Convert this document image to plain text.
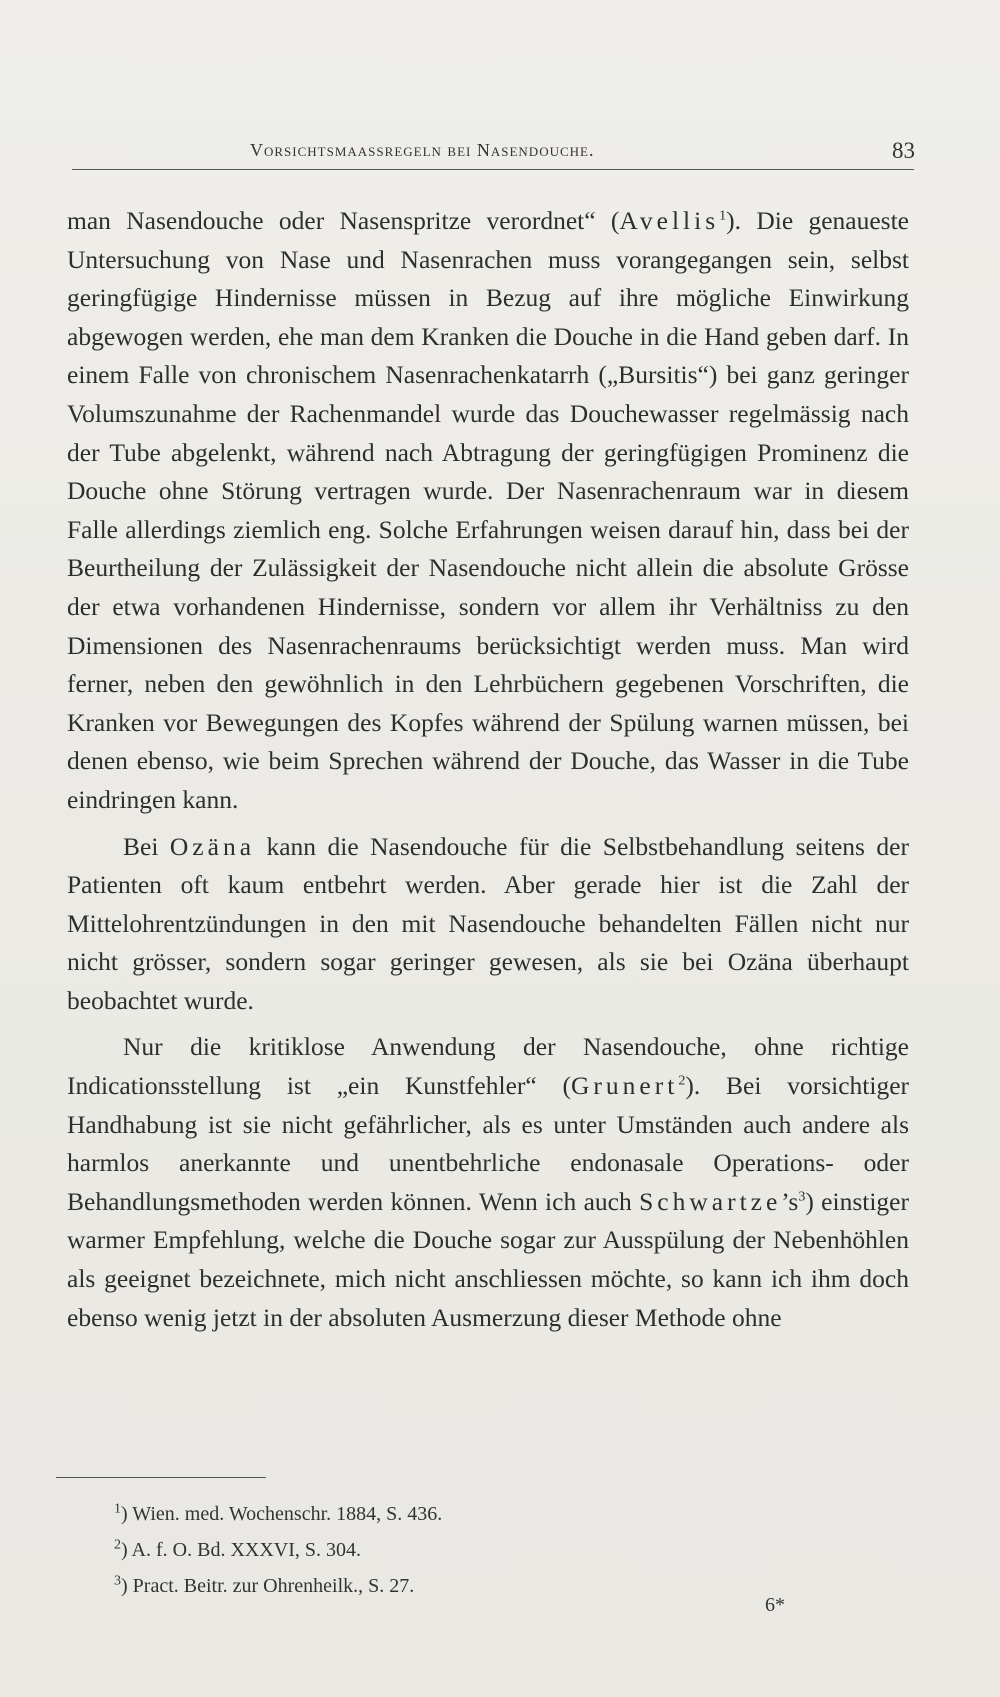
Vorsichtsmaassregeln bei Nasendouche.	83

man Nasendouche oder Nasenspritze verordnet“ (Avellis$^1$). Die genaueste Untersuchung von Nase und Nasenrachen muss vorangegangen sein, selbst geringfügige Hindernisse müssen in Bezug auf ihre mögliche Einwirkung abgewogen werden, ehe man dem Kranken die Douche in die Hand geben darf. In einem Falle von chronischem Nasenrachenkatarrh („Bursitis“) bei ganz geringer Volumszunahme der Rachenmandel wurde das Douchewasser regelmässig nach der Tube abgelenkt, während nach Abtragung der geringfügigen Prominenz die Douche ohne Störung vertragen wurde. Der Nasenrachenraum war in diesem Falle allerdings ziemlich eng. Solche Erfahrungen weisen darauf hin, dass bei der Beurtheilung der Zulässigkeit der Nasendouche nicht allein die absolute Grösse der etwa vorhandenen Hindernisse, sondern vor allem ihr Verhältniss zu den Dimensionen des Nasenrachenraums berücksichtigt werden muss. Man wird ferner, neben den gewöhnlich in den Lehrbüchern gegebenen Vorschriften, die Kranken vor Bewegungen des Kopfes während der Spülung warnen müssen, bei denen ebenso, wie beim Sprechen während der Douche, das Wasser in die Tube eindringen kann.

Bei Ozäna kann die Nasendouche für die Selbstbehandlung seitens der Patienten oft kaum entbehrt werden. Aber gerade hier ist die Zahl der Mittelohrentzündungen in den mit Nasendouche behandelten Fällen nicht nur nicht grösser, sondern sogar geringer gewesen, als sie bei Ozäna überhaupt beobachtet wurde.

Nur die kritiklose Anwendung der Nasendouche, ohne richtige Indicationsstellung ist „ein Kunstfehler“ (Grunert$^2$). Bei vorsichtiger Handhabung ist sie nicht gefährlicher, als es unter Umständen auch andere als harmlos anerkannte und unentbehrliche endonasale Operations- oder Behandlungsmethoden werden können. Wenn ich auch $Schwartze’s^3$) einstiger warmer Empfehlung, welche die Douche sogar zur Ausspülung der Nebenhöhlen als geeignet bezeichnete, mich nicht anschliessen möchte, so kann ich ihm doch ebenso wenig jetzt in der absoluten Ausmerzung dieser Methode ohne

$^1$) Wien. med. Wochenschr. 1884, S. 436.
$^2$) A. f. O. Bd. XXXVI, S. 304.
$^3$) Pract. Beitr. zur Ohrenheilk., S. 27.
6*
